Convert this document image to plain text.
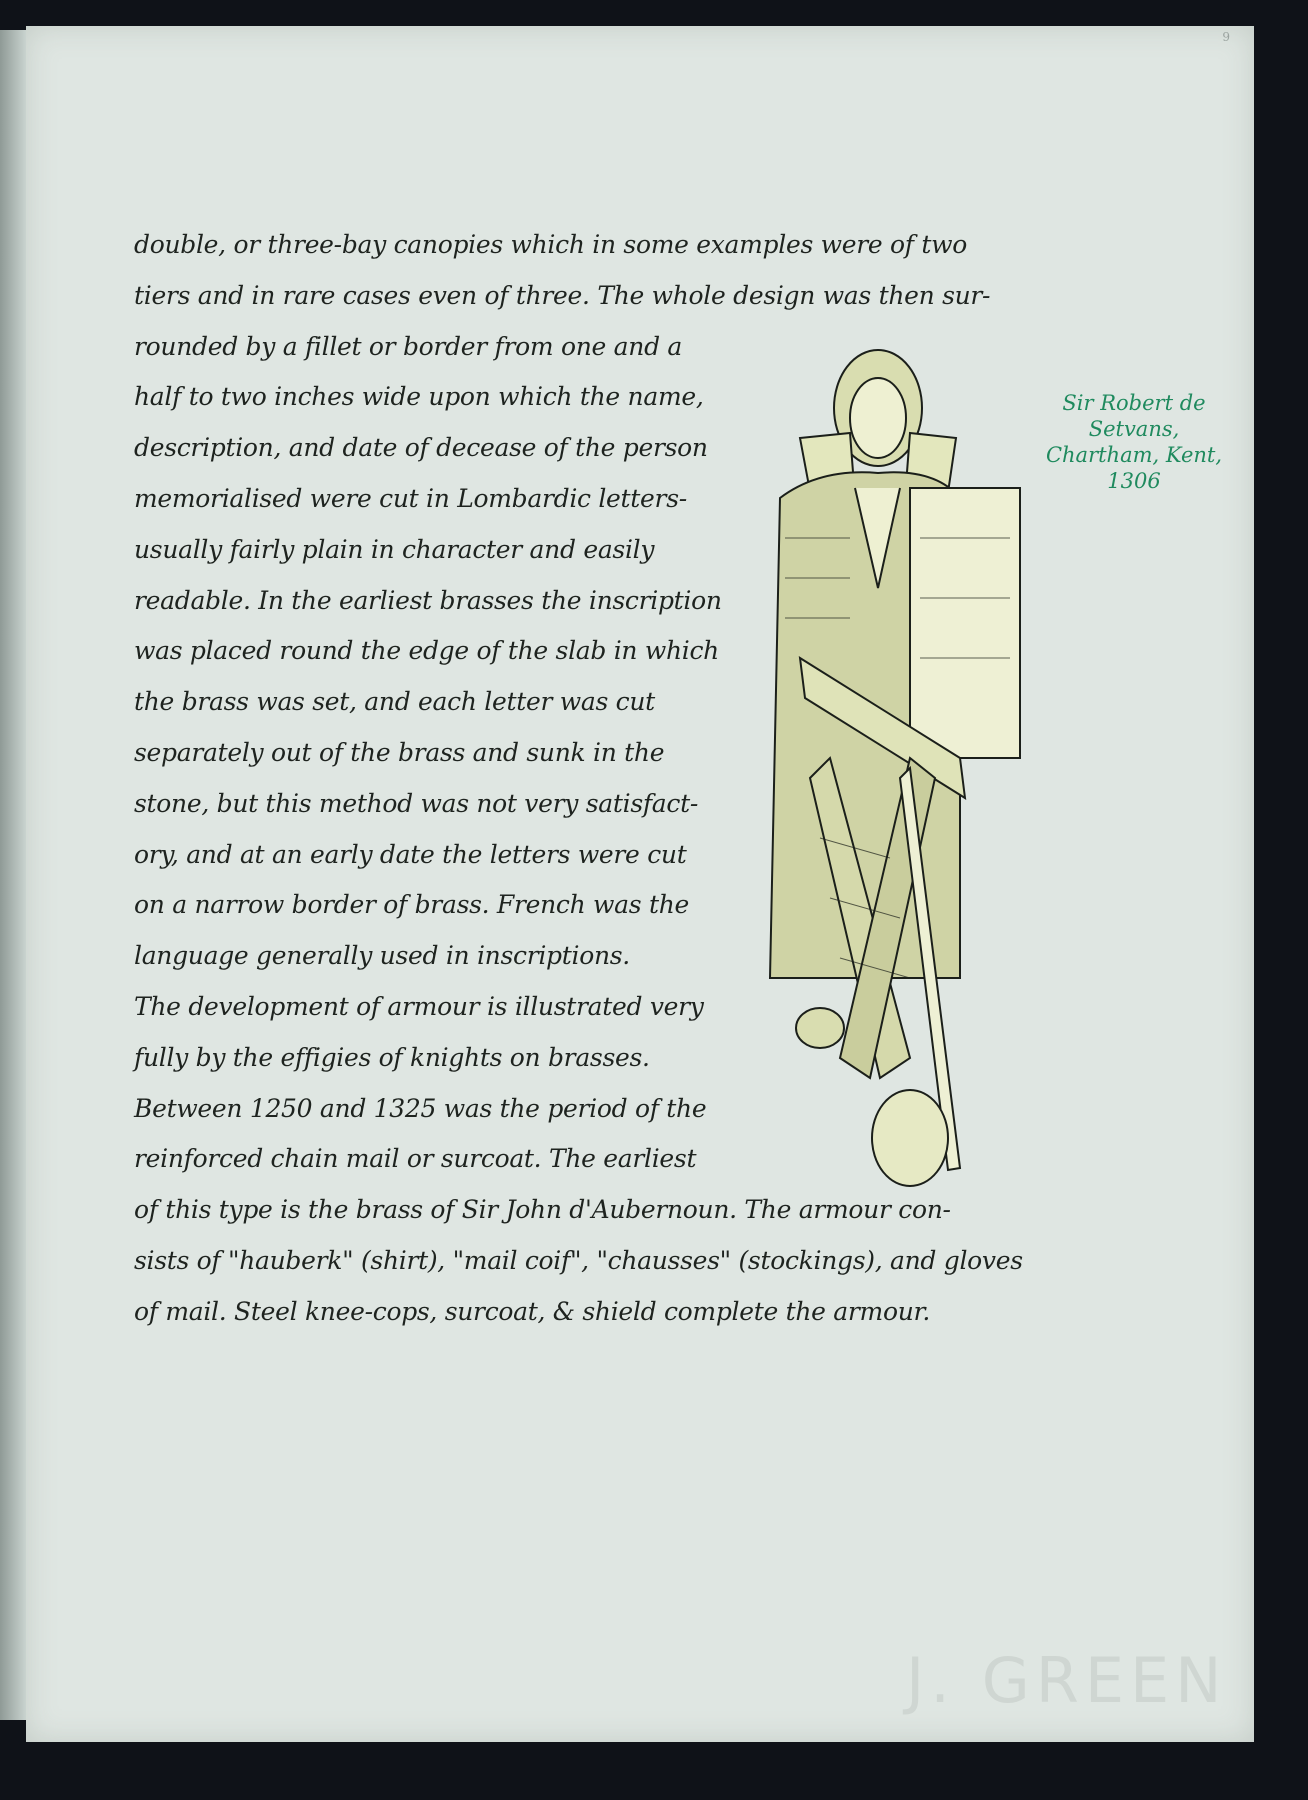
9
J. GREEN
double, or three-bay canopies which in some examples were of two
tiers and in rare cases even of three. The whole design was then sur-
rounded by a fillet or border from one and a
half to two inches wide upon which the name,
description, and date of decease of the person
memorialised were cut in Lombardic letters-
usually fairly plain in character and easily
readable. In the earliest brasses the inscription
was placed round the edge of the slab in which
the brass was set, and each letter was cut
separately out of the brass and sunk in the
stone, but this method was not very satisfact-
ory, and at an early date the letters were cut
on a narrow border of brass. French was the
language generally used in inscriptions.
The development of armour is illustrated very
fully by the effigies of knights on brasses.
Between 1250 and 1325 was the period of the
reinforced chain mail or surcoat. The earliest
of this type is the brass of Sir John d'Aubernoun. The armour con-
sists of "hauberk" (shirt), "mail coif", "chausses" (stockings), and gloves
of mail. Steel knee-cops, surcoat, & shield complete the armour.
Sir Robert de Setvans,
Chartham, Kent,
1306
